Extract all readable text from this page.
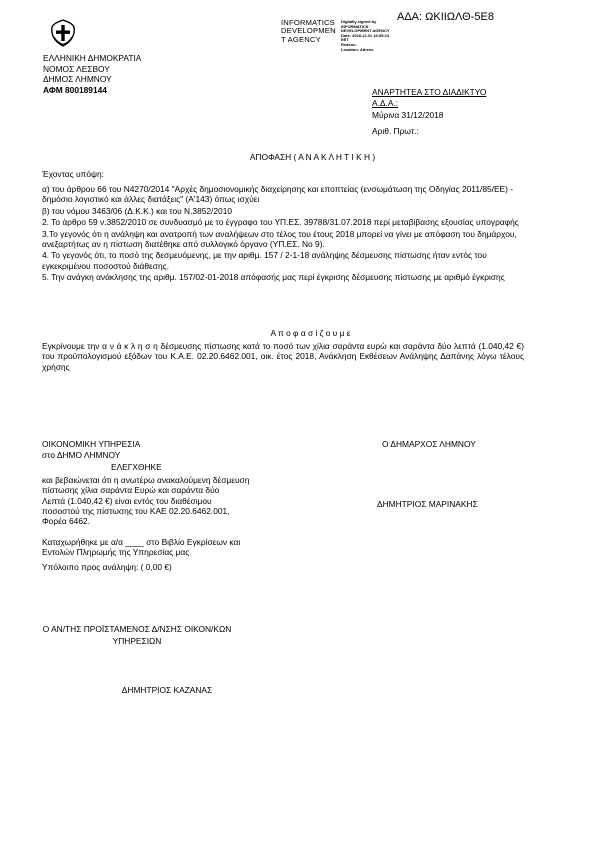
ΑΔΑ: ΩΚΙΙΩΛΘ-5Ε8
ΕΛΛΗΝΙΚΗ ΔΗΜΟΚΡΑΤΙΑ
ΝΟΜΟΣ ΛΕΣΒΟΥ
ΔΗΜΟΣ ΛΗΜΝΟΥ
ΑΦΜ 800189144
INFORMATICS
DEVELOPMEN
T AGENCY
Digitally signed by
INFORMATICS
DEVELOPMENT AGENCY
Date: 2018.12.31 16:55:13
EET
Reason:
Location: Athens
ΑΝΑΡΤΗΤΕΑ ΣΤΟ ΔΙΑΔΙΚΤΥΟ
Α.Δ.Α.:
Μύρινα 31/12/2018
Αριθ. Πρωτ.:
ΑΠΟΦΑΣΗ ( Α Ν Α Κ Λ Η Τ Ι Κ Η )
Έχοντας υπόψη:
α) του άρθρου 66 του Ν4270/2014 "Αρχές δημοσιονομικής διαχείρησης και εποπτείας (ενσωμάτωση της Οδηγίας 2011/85/ΕΕ) - δημόσιο λογιστικό και άλλες διατάξεις" (Α'143) όπως ισχύει
β) του νόμου 3463/06 (Δ.Κ.Κ.) και του Ν.3852/2010
2. Το άρθρο 59 ν.3852/2010 σε συνδυασμό με το έγγραφο του ΥΠ.ΕΣ. 39788/31.07.2018 περί μεταβίβασης εξουσίας υπογραφής
3.Το γεγονός ότι η ανάληψη και ανατροπή των αναλήψεων στο τέλος του έτους 2018 μπορεί να γίνει με απόφαση του δημάρχου, ανεξαρτήτως αν η πίστωση διατέθηκε από συλλογικό όργανο (ΥΠ.ΕΣ. Νο 9).
4. Το γεγονός ότι, το ποσό της δεσμευόμενης, με την αριθμ. 157 / 2-1-18 ανάληψης δέσμευσης πίστωσης ήταν εντός του εγκεκριμένου ποσοστού διάθεσης.
5. Την ανάγκη ανάκλησης της αριθμ. 157/02-01-2018 απόφασής μας περί έγκρισης δέσμευσης πίστωσης με αριθμό έγκρισης
Α π ο φ α σ ί ζ ο υ μ ε
Εγκρίνουμε την α ν ά κ λ η σ η δέσμευσης πίστωσης κατά το ποσό των χίλια σαράντα ευρώ και σαράντα δύο λεπτά (1.040,42 €) του προϋπολογισμού εξόδων του Κ.Α.Ε. 02.20.6462.001, οικ. έτος 2018, Ανάκληση Εκθέσεων Ανάληψης Δαπάνης λόγω τέλους χρήσης
ΟΙΚΟΝΟΜΙΚΗ ΥΠΗΡΕΣΙΑ
στο ΔΗΜΟ ΛΗΜΝΟΥ
ΕΛΕΓΧΘΗΚΕ
και βεβαιώνεται ότι η ανωτέρω ανακαλούμενη δέσμευση
πίστωσης χίλια σαράντα Ευρώ και σαράντα δύο
Λεπτά (1.040,42 €) είναι εντός του διαθέσιμου
ποσοστού της πίστωσης του ΚΑΕ 02.20.6462.001,
Φορέα 6462.
Καταχωρήθηκε με α/α ____ στο Βιβλίο Εγκρίσεων και
Εντολών Πληρωμής της Υπηρεσίας μας
Υπόλοιπο προς ανάληψη: ( 0,00 €)
Ο ΔΗΜΑΡΧΟΣ ΛΗΜΝΟΥ
ΔΗΜΗΤΡΙΟΣ ΜΑΡΙΝΑΚΗΣ
Ο ΑΝ/ΤΗΣ ΠΡΟΪΣΤΑΜΕΝΟΣ Δ/ΝΣΗΣ ΟΙΚΟΝ/ΚΩΝ
ΥΠΗΡΕΣΙΩΝ
ΔΗΜΗΤΡΙΟΣ ΚΑΖΑΝΑΣ
